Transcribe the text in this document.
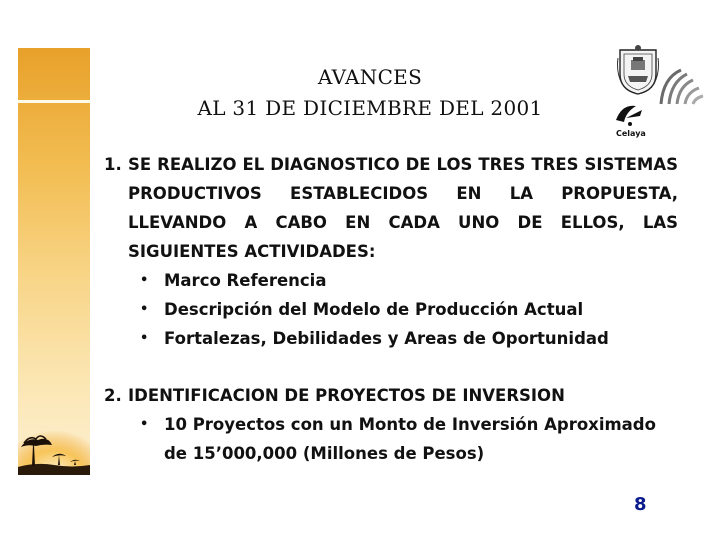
AVANCES
AL 31 DE DICIEMBRE DEL 2001
Celaya
1. SE REALIZO EL DIAGNOSTICO DE LOS TRES TRES SISTEMAS PRODUCTIVOS ESTABLECIDOS EN LA PROPUESTA, LLEVANDO A CABO EN CADA UNO DE ELLOS, LAS SIGUIENTES ACTIVIDADES:
• Marco Referencia
• Descripción del Modelo de Producción Actual
• Fortalezas, Debilidades y Areas de Oportunidad
2. IDENTIFICACION DE PROYECTOS DE INVERSION
• 10 Proyectos con un Monto de Inversión Aproximado de 15’000,000 (Millones de Pesos)
8
